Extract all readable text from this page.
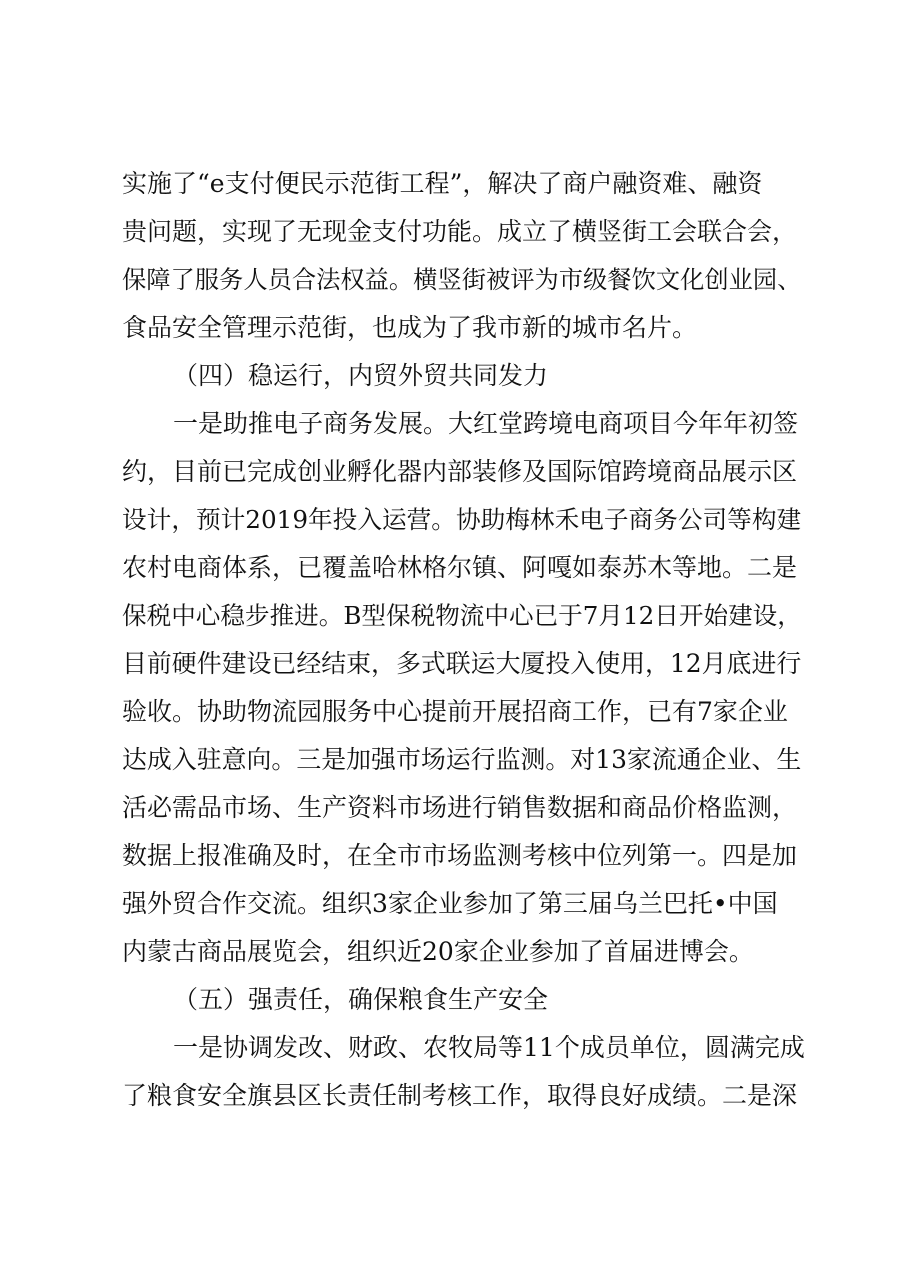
实施了“e支付便民示范街工程”，解决了商户融资难、融资
贵问题，实现了无现金支付功能。成立了横竖街工会联合会，
保障了服务人员合法权益。横竖街被评为市级餐饮文化创业园、
食品安全管理示范街，也成为了我市新的城市名片。
（四）稳运行，内贸外贸共同发力
一是助推电子商务发展。大红堂跨境电商项目今年年初签
约，目前已完成创业孵化器内部装修及国际馆跨境商品展示区
设计，预计2019年投入运营。协助梅林禾电子商务公司等构建
农村电商体系，已覆盖哈林格尔镇、阿嘎如泰苏木等地。二是
保税中心稳步推进。B型保税物流中心已于7月12日开始建设，
目前硬件建设已经结束，多式联运大厦投入使用，12月底进行
验收。协助物流园服务中心提前开展招商工作，已有7家企业
达成入驻意向。三是加强市场运行监测。对13家流通企业、生
活必需品市场、生产资料市场进行销售数据和商品价格监测，
数据上报准确及时，在全市市场监测考核中位列第一。四是加
强外贸合作交流。组织3家企业参加了第三届乌兰巴托•中国
内蒙古商品展览会，组织近20家企业参加了首届进博会。
（五）强责任，确保粮食生产安全
一是协调发改、财政、农牧局等11个成员单位，圆满完成
了粮食安全旗县区长责任制考核工作，取得良好成绩。二是深
